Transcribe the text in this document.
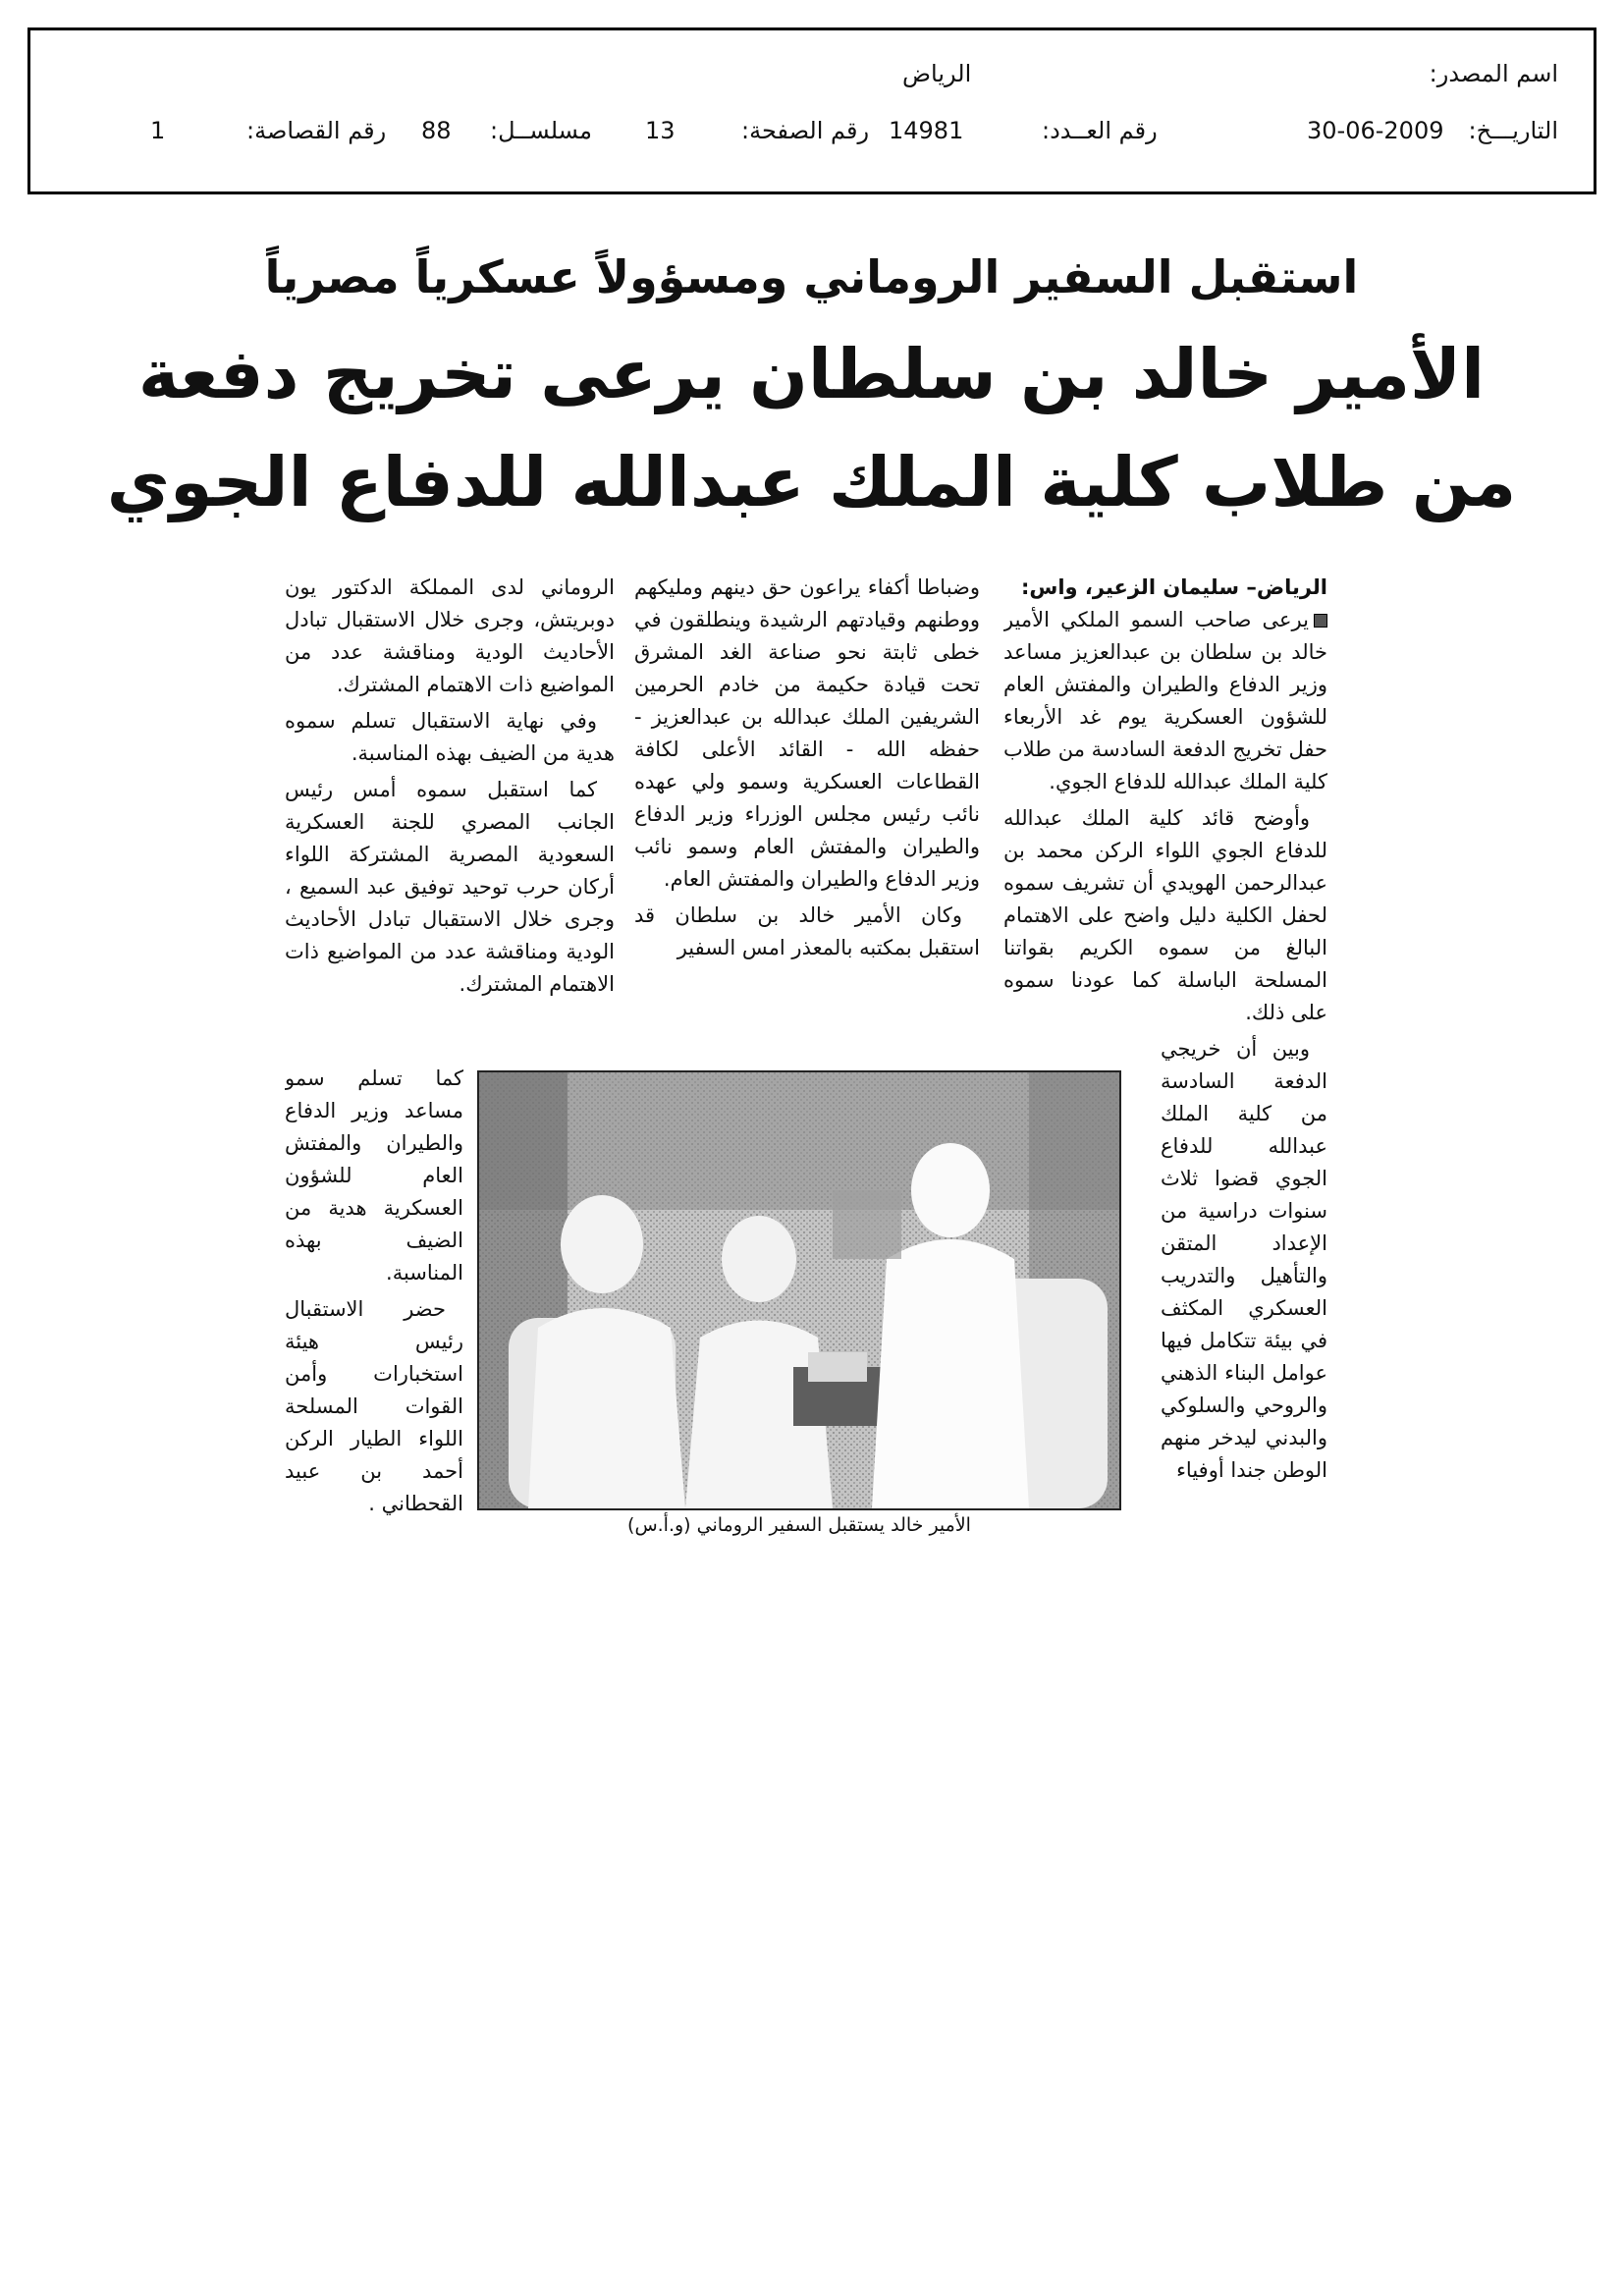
اسم المصدر:
الرياض
التاريـــخ:
30-06-2009
رقم العــدد:
14981
رقم الصفحة:
13
مسلســل:
88
رقم القصاصة:
1
استقبل السفير الروماني ومسؤولاً عسكرياً مصرياً
الأمير خالد بن سلطان يرعى تخريج دفعة
من طلاب كلية الملك عبدالله للدفاع الجوي
الرياض– سليمان الزعير، واس:

يرعى صاحب السمو الملكي الأمير خالد بن سلطان بن عبدالعزيز مساعد وزير الدفاع والطيران والمفتش العام للشؤون العسكرية يوم غد الأربعاء حفل تخريج الدفعة السادسة من طلاب كلية الملك عبدالله للدفاع الجوي.

وأوضح قائد كلية الملك عبدالله للدفاع الجوي اللواء الركن محمد بن عبدالرحمن الهويدي أن تشريف سموه لحفل الكلية دليل واضح على الاهتمام البالغ من سموه الكريم بقواتنا المسلحة الباسلة كما عودنا سموه على ذلك.

وبين أن خريجي الدفعة السادسة من كلية الملك عبدالله للدفاع الجوي قضوا ثلاث سنوات دراسية من الإعداد المتقن والتأهيل والتدريب العسكري المكثف في بيئة تتكامل فيها عوامل البناء الذهني والروحي والسلوكي والبدني ليدخر منهم الوطن جندا أوفياء

وضباطا أكفاء يراعون حق دينهم ومليكهم ووطنهم وقيادتهم الرشيدة وينطلقون في خطى ثابتة نحو صناعة الغد المشرق تحت قيادة حكيمة من خادم الحرمين الشريفين الملك عبدالله بن عبدالعزيز - حفظه الله - القائد الأعلى لكافة القطاعات العسكرية وسمو ولي عهده نائب رئيس مجلس الوزراء وزير الدفاع والطيران والمفتش العام وسمو نائب وزير الدفاع والطيران والمفتش العام.

وكان الأمير خالد بن سلطان قد استقبل بمكتبه بالمعذر امس السفير

الروماني لدى المملكة الدكتور يون دوبريتش، وجرى خلال الاستقبال تبادل الأحاديث الودية ومناقشة عدد من المواضيع ذات الاهتمام المشترك.

وفي نهاية الاستقبال تسلم سموه هدية من الضيف بهذه المناسبة.

كما استقبل سموه أمس رئيس الجانب المصري للجنة العسكرية السعودية المصرية المشتركة اللواء أركان حرب توحيد توفيق عبد السميع ، وجرى خلال الاستقبال تبادل الأحاديث الودية ومناقشة عدد من المواضيع ذات الاهتمام المشترك.

كما تسلم سمو مساعد وزير الدفاع والطيران والمفتش العام للشؤون العسكرية هدية من الضيف بهذه المناسبة.

حضر الاستقبال رئيس هيئة استخبارات وأمن القوات المسلحة اللواء الطيار الركن أحمد بن عبيد القحطاني .

الأمير خالد يستقبل السفير الروماني (و.أ.س)
